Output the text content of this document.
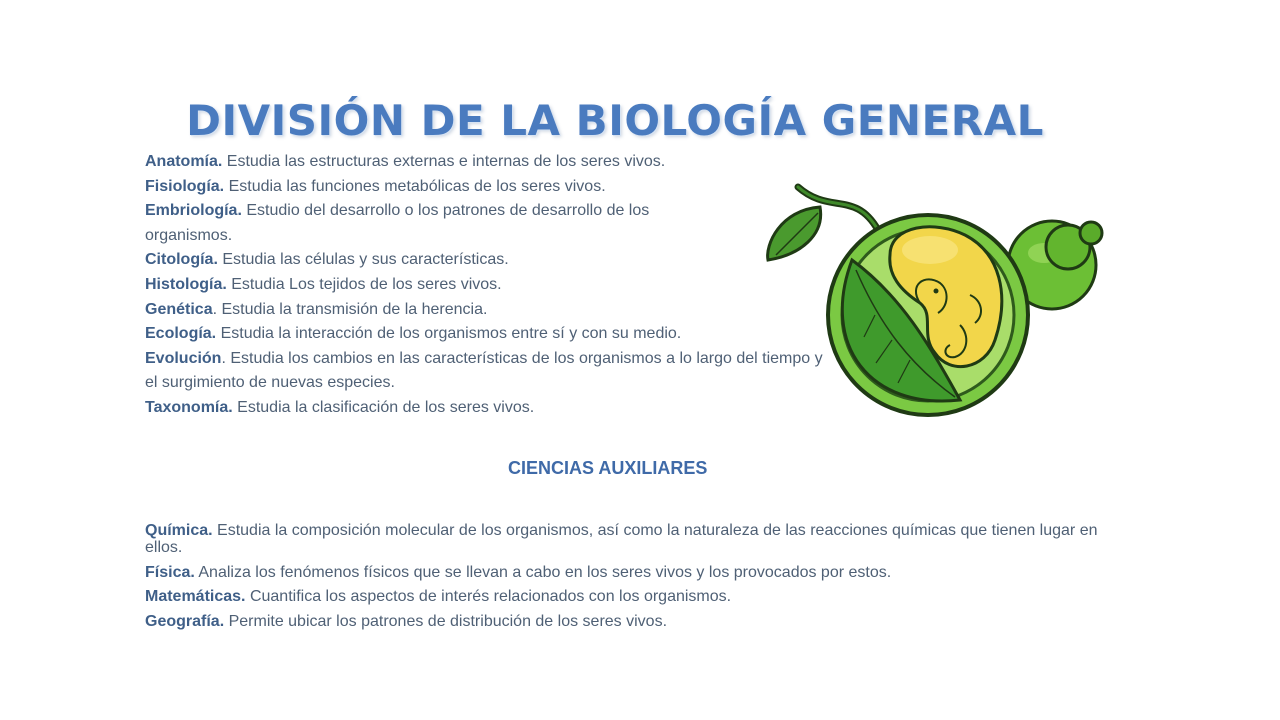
DIVISIÓN DE LA BIOLOGÍA GENERAL

Anatomía. Estudia las estructuras externas e internas de los seres vivos.

Fisiología. Estudia las funciones metabólicas de los seres vivos.

Embriología. Estudio del desarrollo o los patrones de desarrollo de los organismos.

Citología. Estudia las células y sus características.

Histología. Estudia Los tejidos de los seres vivos.

Genética. Estudia la transmisión de la herencia.

Ecología. Estudia la interacción de los organismos entre sí y con su medio.

Evolución. Estudia los cambios en las características de los organismos a lo largo del tiempo y el surgimiento de nuevas especies.

Taxonomía. Estudia la clasificación de los seres vivos.

CIENCIAS AUXILIARES

Química. Estudia la composición molecular de los organismos, así como la naturaleza de las reacciones químicas que tienen lugar en ellos.

Física. Analiza los fenómenos físicos que se llevan a cabo en los seres vivos y los provocados por estos.

Matemáticas. Cuantifica los aspectos de interés relacionados con los organismos.

Geografía. Permite ubicar los patrones de distribución de los seres vivos.
